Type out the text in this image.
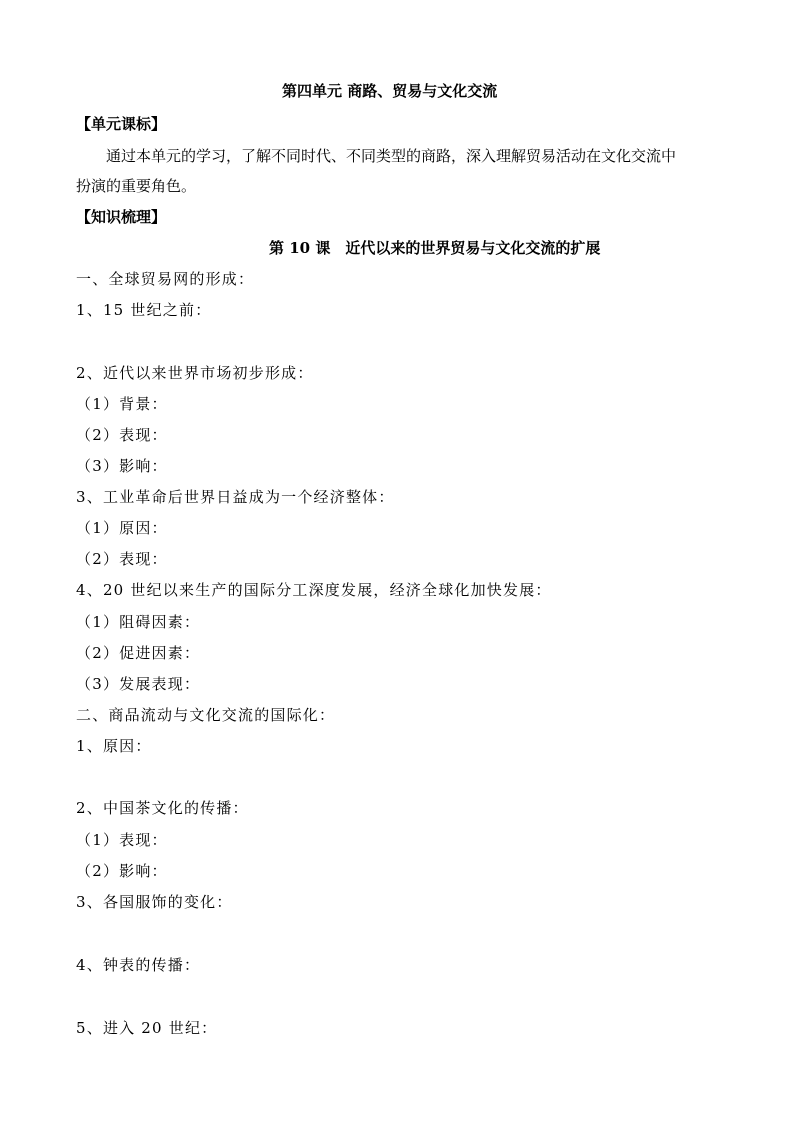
第四单元 商路、贸易与文化交流
【单元课标】
通过本单元的学习，了解不同时代、不同类型的商路，深入理解贸易活动在文化交流中
扮演的重要角色。
【知识梳理】
第 10 课　近代以来的世界贸易与文化交流的扩展
一、全球贸易网的形成：
1、15 世纪之前：
2、近代以来世界市场初步形成：
（1）背景：
（2）表现：
（3）影响：
3、工业革命后世界日益成为一个经济整体：
（1）原因：
（2）表现：
4、20 世纪以来生产的国际分工深度发展，经济全球化加快发展：
（1）阻碍因素：
（2）促进因素：
（3）发展表现：
二、商品流动与文化交流的国际化：
1、原因：
2、中国茶文化的传播：
（1）表现：
（2）影响：
3、各国服饰的变化：
4、钟表的传播：
5、进入 20 世纪：
